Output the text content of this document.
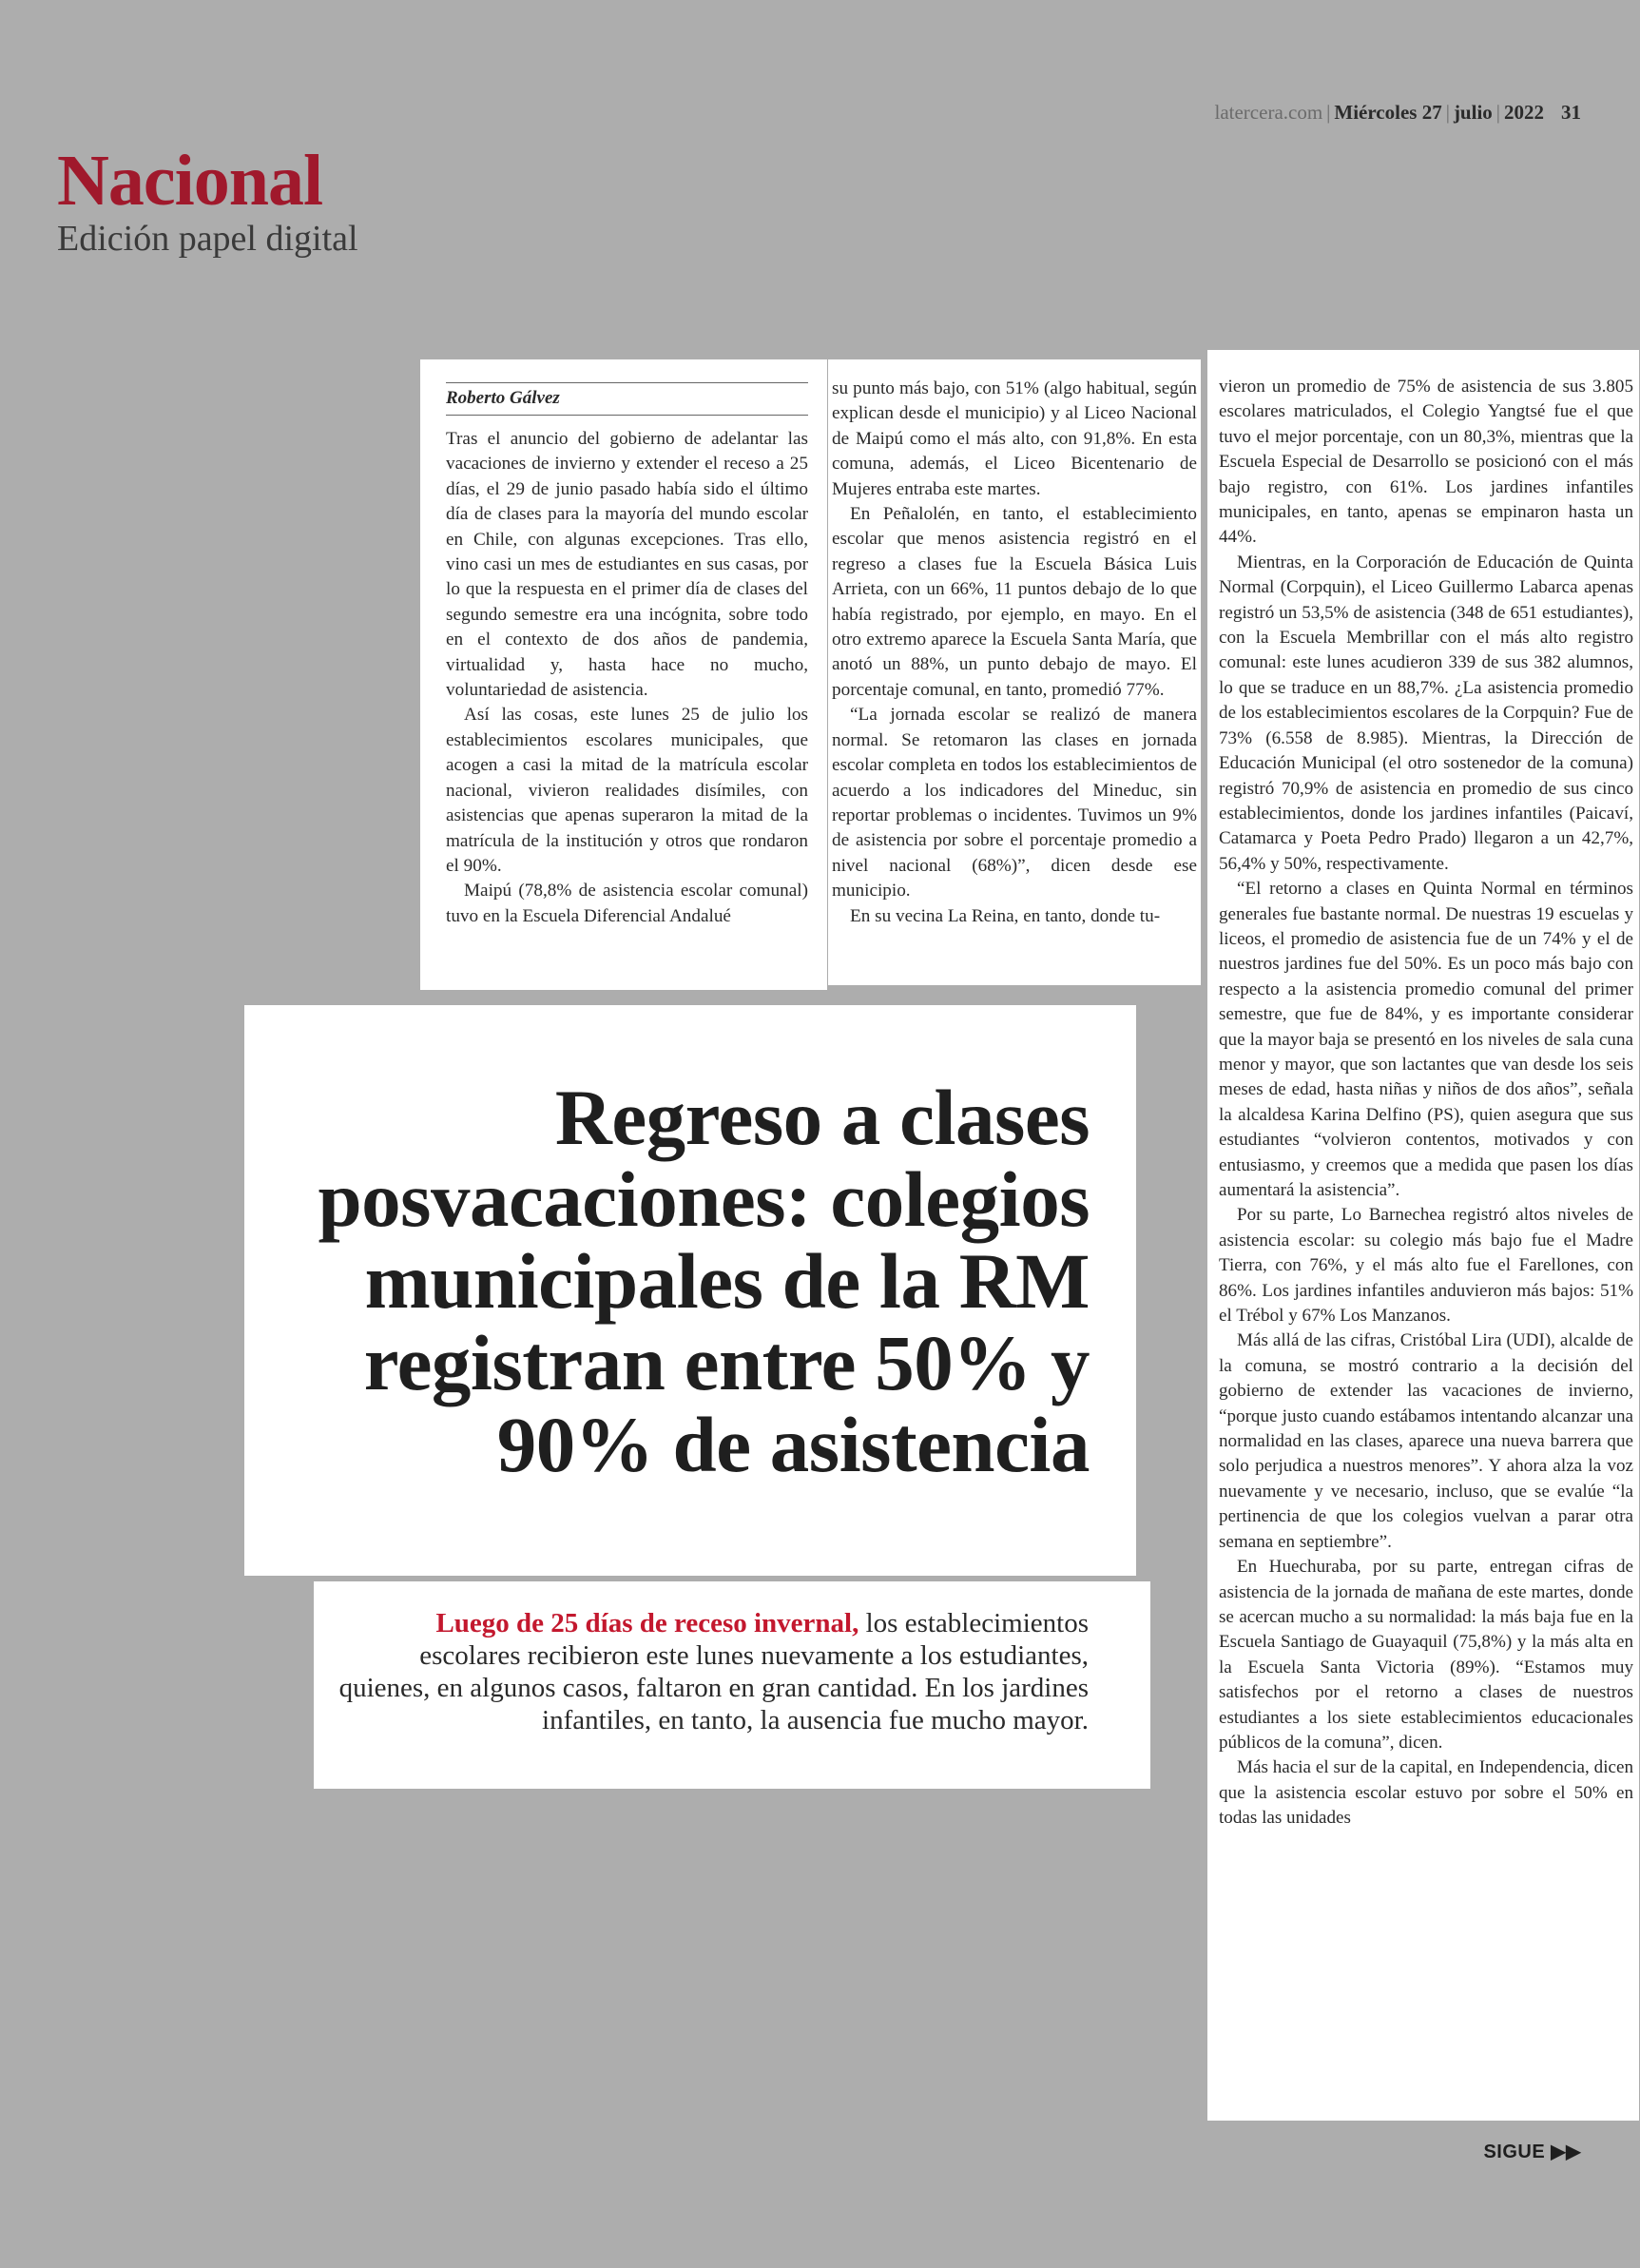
latercera.com | Miércoles 27 | julio | 2022 31
Nacional
Edición papel digital
Roberto Gálvez

Tras el anuncio del gobierno de adelantar las vacaciones de invierno y extender el receso a 25 días, el 29 de junio pasado había sido el último día de clases para la mayoría del mundo escolar en Chile, con algunas excepciones. Tras ello, vino casi un mes de estudiantes en sus casas, por lo que la respuesta en el primer día de clases del segundo semestre era una incógnita, sobre todo en el contexto de dos años de pandemia, virtualidad y, hasta hace no mucho, voluntariedad de asistencia.

Así las cosas, este lunes 25 de julio los establecimientos escolares municipales, que acogen a casi la mitad de la matrícula escolar nacional, vivieron realidades disímiles, con asistencias que apenas superaron la mitad de la matrícula de la institución y otros que rondaron el 90%.

Maipú (78,8% de asistencia escolar comunal) tuvo en la Escuela Diferencial Andalué

su punto más bajo, con 51% (algo habitual, según explican desde el municipio) y al Liceo Nacional de Maipú como el más alto, con 91,8%. En esta comuna, además, el Liceo Bicentenario de Mujeres entraba este martes.

En Peñalolén, en tanto, el establecimiento escolar que menos asistencia registró en el regreso a clases fue la Escuela Básica Luis Arrieta, con un 66%, 11 puntos debajo de lo que había registrado, por ejemplo, en mayo. En el otro extremo aparece la Escuela Santa María, que anotó un 88%, un punto debajo de mayo. El porcentaje comunal, en tanto, promedió 77%.

“La jornada escolar se realizó de manera normal. Se retomaron las clases en jornada escolar completa en todos los establecimientos de acuerdo a los indicadores del Mineduc, sin reportar problemas o incidentes. Tuvimos un 9% de asistencia por sobre el porcentaje promedio a nivel nacional (68%)”, dicen desde ese municipio.

En su vecina La Reina, en tanto, donde tu-

vieron un promedio de 75% de asistencia de sus 3.805 escolares matriculados, el Colegio Yangtsé fue el que tuvo el mejor porcentaje, con un 80,3%, mientras que la Escuela Especial de Desarrollo se posicionó con el más bajo registro, con 61%. Los jardines infantiles municipales, en tanto, apenas se empinaron hasta un 44%.

Mientras, en la Corporación de Educación de Quinta Normal (Corpquin), el Liceo Guillermo Labarca apenas registró un 53,5% de asistencia (348 de 651 estudiantes), con la Escuela Membrillar con el más alto registro comunal: este lunes acudieron 339 de sus 382 alumnos, lo que se traduce en un 88,7%. ¿La asistencia promedio de los establecimientos escolares de la Corpquin? Fue de 73% (6.558 de 8.985). Mientras, la Dirección de Educación Municipal (el otro sostenedor de la comuna) registró 70,9% de asistencia en promedio de sus cinco establecimientos, donde los jardines infantiles (Paicaví, Catamarca y Poeta Pedro Prado) llegaron a un 42,7%, 56,4% y 50%, respectivamente.

“El retorno a clases en Quinta Normal en términos generales fue bastante normal. De nuestras 19 escuelas y liceos, el promedio de asistencia fue de un 74% y el de nuestros jardines fue del 50%. Es un poco más bajo con respecto a la asistencia promedio comunal del primer semestre, que fue de 84%, y es importante considerar que la mayor baja se presentó en los niveles de sala cuna menor y mayor, que son lactantes que van desde los seis meses de edad, hasta niñas y niños de dos años”, señala la alcaldesa Karina Delfino (PS), quien asegura que sus estudiantes “volvieron contentos, motivados y con entusiasmo, y creemos que a medida que pasen los días aumentará la asistencia”.

Por su parte, Lo Barnechea registró altos niveles de asistencia escolar: su colegio más bajo fue el Madre Tierra, con 76%, y el más alto fue el Farellones, con 86%. Los jardines infantiles anduvieron más bajos: 51% el Trébol y 67% Los Manzanos.

Más allá de las cifras, Cristóbal Lira (UDI), alcalde de la comuna, se mostró contrario a la decisión del gobierno de extender las vacaciones de invierno, “porque justo cuando estábamos intentando alcanzar una normalidad en las clases, aparece una nueva barrera que solo perjudica a nuestros menores”. Y ahora alza la voz nuevamente y ve necesario, incluso, que se evalúe “la pertinencia de que los colegios vuelvan a parar otra semana en septiembre”.

En Huechuraba, por su parte, entregan cifras de asistencia de la jornada de mañana de este martes, donde se acercan mucho a su normalidad: la más baja fue en la Escuela Santiago de Guayaquil (75,8%) y la más alta en la Escuela Santa Victoria (89%). “Estamos muy satisfechos por el retorno a clases de nuestros estudiantes a los siete establecimientos educacionales públicos de la comuna”, dicen.

Más hacia el sur de la capital, en Independencia, dicen que la asistencia escolar estuvo por sobre el 50% en todas las unidades

Regreso a clases posvacaciones: colegios municipales de la RM registran entre 50% y 90% de asistencia

Luego de 25 días de receso invernal, los establecimientos escolares recibieron este lunes nuevamente a los estudiantes, quienes, en algunos casos, faltaron en gran cantidad. En los jardines infantiles, en tanto, la ausencia fue mucho mayor.

SIGUE ▶▶
